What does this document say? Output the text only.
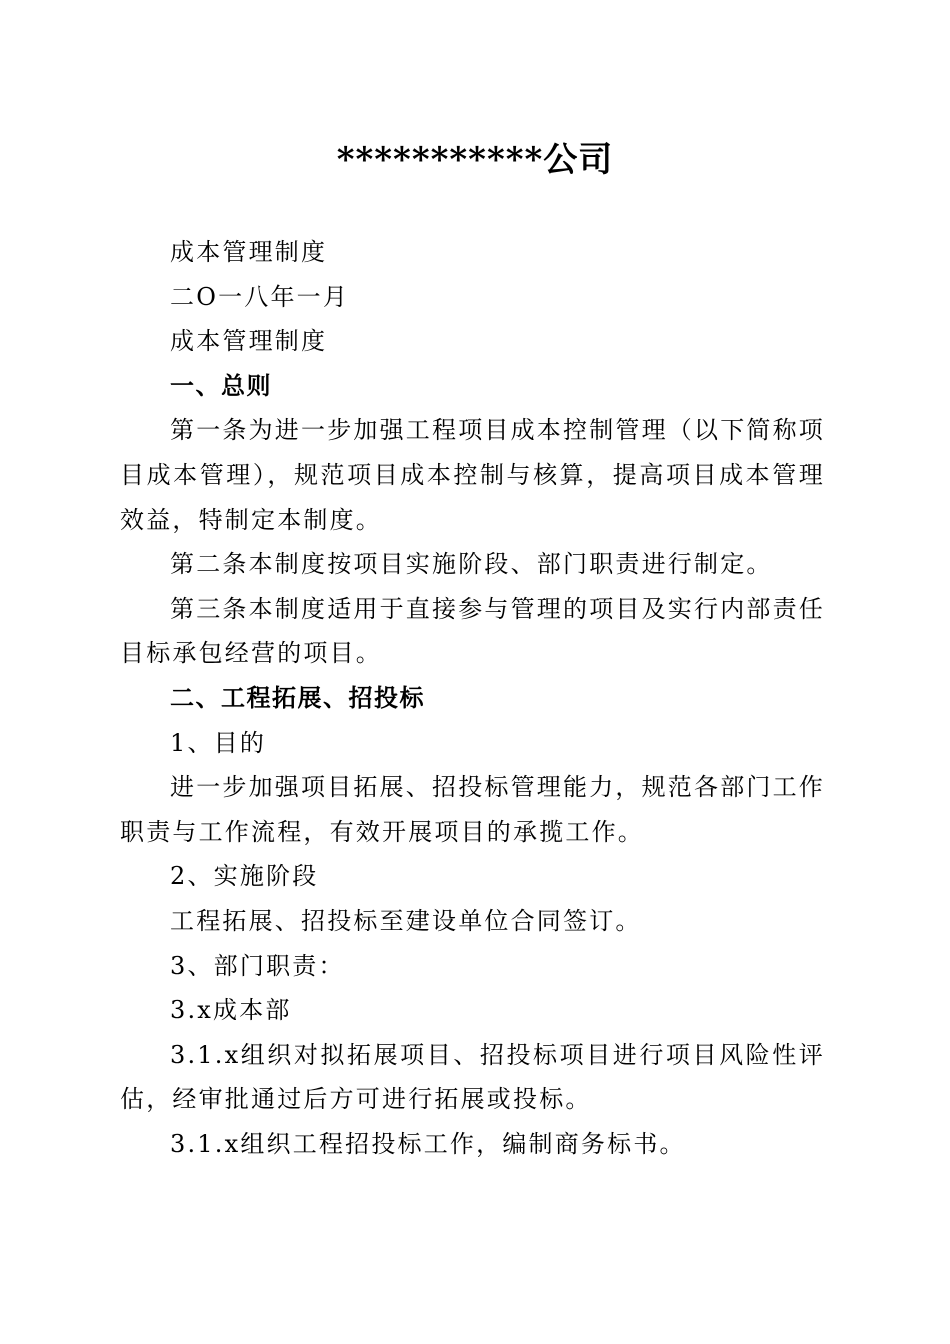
***********公司

成本管理制度

二O一八年一月

成本管理制度

一、总则

第一条为进一步加强工程项目成本控制管理（以下简称项目成本管理），规范项目成本控制与核算，提高项目成本管理效益，特制定本制度。

第二条本制度按项目实施阶段、部门职责进行制定。

第三条本制度适用于直接参与管理的项目及实行内部责任目标承包经营的项目。

二、工程拓展、招投标

1、目的

进一步加强项目拓展、招投标管理能力，规范各部门工作职责与工作流程，有效开展项目的承揽工作。

2、实施阶段

工程拓展、招投标至建设单位合同签订。

3、部门职责：

3.x成本部

3.1.x组织对拟拓展项目、招投标项目进行项目风险性评估，经审批通过后方可进行拓展或投标。

3.1.x组织工程招投标工作，编制商务标书。
